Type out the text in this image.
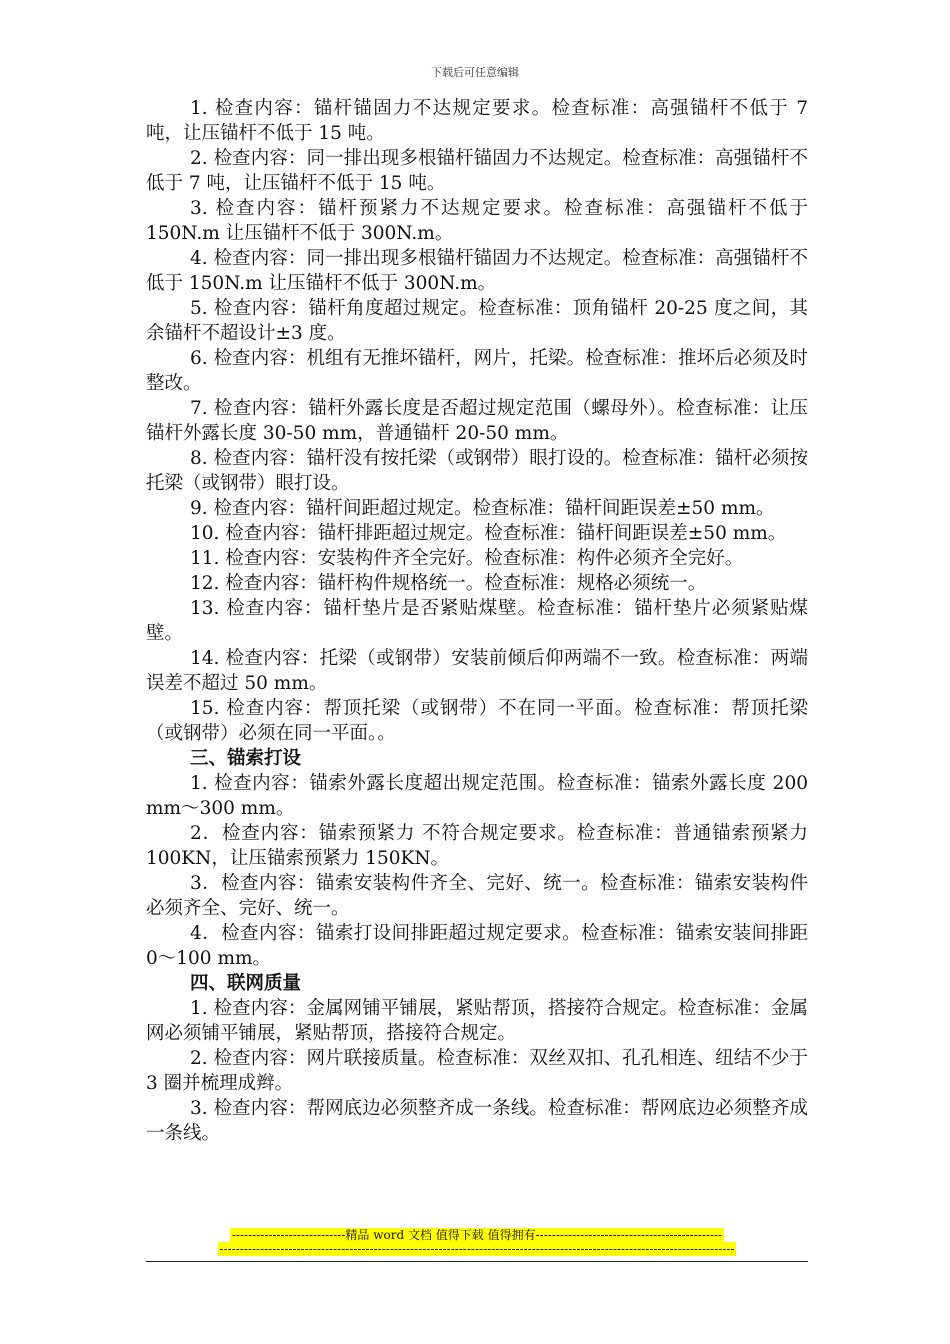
下载后可任意编辑

1. 检查内容：锚杆锚固力不达规定要求。检查标准：高强锚杆不低于 7 吨，让压锚杆不低于 15 吨。

2. 检查内容：同一排出现多根锚杆锚固力不达规定。检查标准：高强锚杆不低于 7 吨，让压锚杆不低于 15 吨。

3. 检查内容：锚杆预紧力不达规定要求。检查标准：高强锚杆不低于 150N.m 让压锚杆不低于 300N.m。

4. 检查内容：同一排出现多根锚杆锚固力不达规定。检查标准：高强锚杆不低于 150N.m 让压锚杆不低于 300N.m。

5. 检查内容：锚杆角度超过规定。检查标准：顶角锚杆 20-25 度之间，其余锚杆不超设计±3 度。

6. 检查内容：机组有无推坏锚杆，网片，托梁。检查标准：推坏后必须及时整改。

7. 检查内容：锚杆外露长度是否超过规定范围（螺母外）。检查标准：让压锚杆外露长度 30-50 mm，普通锚杆 20-50 mm。

8. 检查内容：锚杆没有按托梁（或钢带）眼打设的。检查标准：锚杆必须按托梁（或钢带）眼打设。

9. 检查内容：锚杆间距超过规定。检查标准：锚杆间距误差±50 mm。

10. 检查内容：锚杆排距超过规定。检查标准：锚杆间距误差±50 mm。

11. 检查内容：安装构件齐全完好。检查标准：构件必须齐全完好。

12. 检查内容：锚杆构件规格统一。检查标准：规格必须统一。

13. 检查内容：锚杆垫片是否紧贴煤壁。检查标准：锚杆垫片必须紧贴煤壁。

14. 检查内容：托梁（或钢带）安装前倾后仰两端不一致。检查标准：两端误差不超过 50 mm。

15. 检查内容：帮顶托梁（或钢带）不在同一平面。检查标准：帮顶托梁（或钢带）必须在同一平面。。

三、锚索打设

1. 检查内容：锚索外露长度超出规定范围。检查标准：锚索外露长度 200 mm～300 mm。

2．检查内容：锚索预紧力 不符合规定要求。检查标准：普通锚索预紧力 100KN，让压锚索预紧力 150KN。

3．检查内容：锚索安装构件齐全、完好、统一。检查标准：锚索安装构件必须齐全、完好、统一。

4．检查内容：锚索打设间排距超过规定要求。检查标准：锚索安装间排距 0～100 mm。

四、联网质量

1. 检查内容：金属网铺平铺展，紧贴帮顶，搭接符合规定。检查标准：金属网必须铺平铺展，紧贴帮顶，搭接符合规定。

2. 检查内容：网片联接质量。检查标准：双丝双扣、孔孔相连、纽结不少于 3 圈并梳理成辫。

3. 检查内容：帮网底边必须整齐成一条线。检查标准：帮网底边必须整齐成一条线。

----------------------------精品 word 文档 值得下载 值得拥有----------------------------------------------
-------------------------------------------------------------------------------------------------------------------------------
